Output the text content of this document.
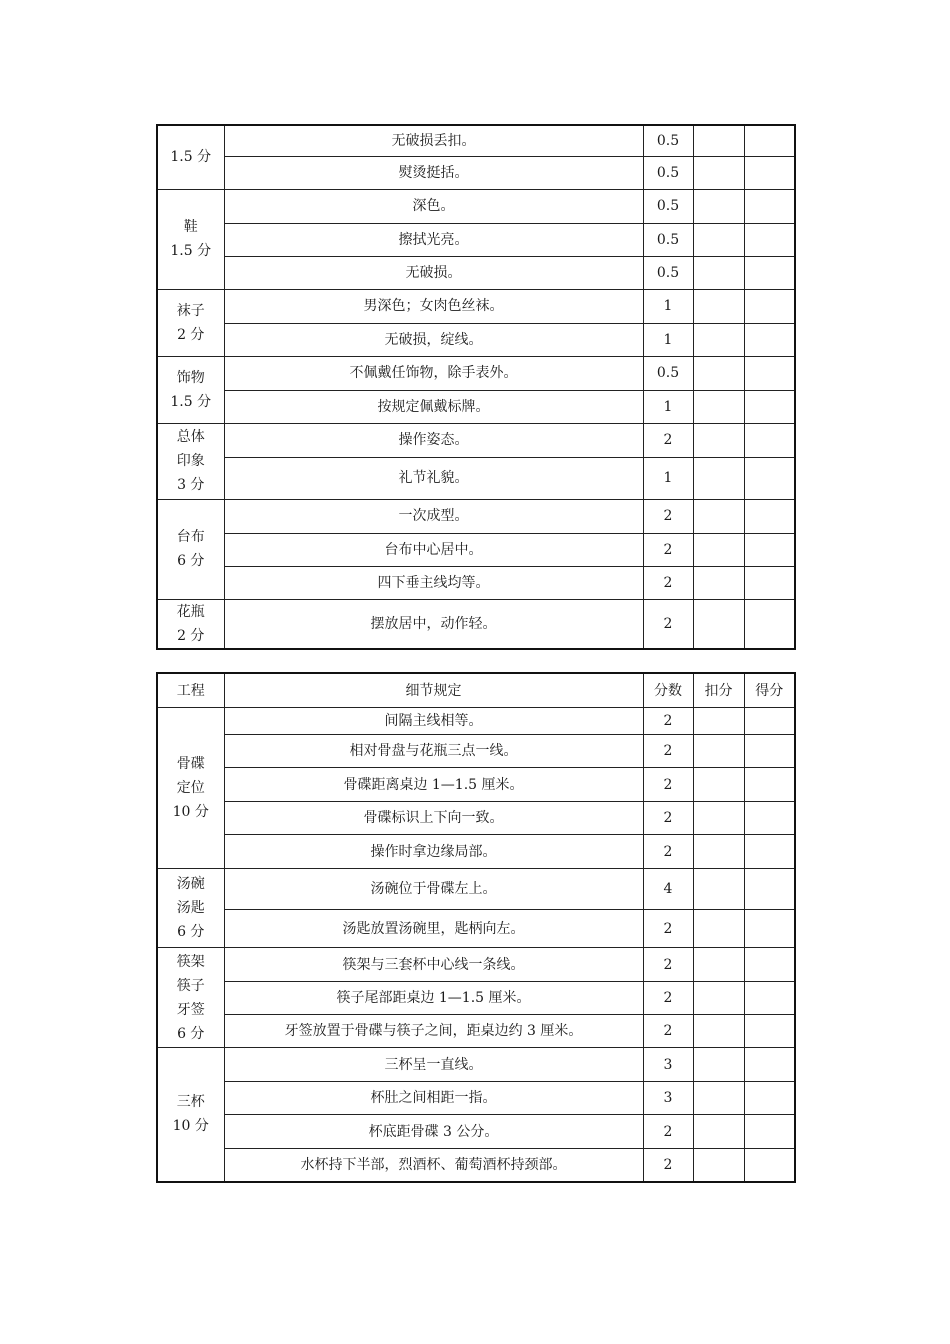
1.5 分	无破损丢扣。	0.5		
	熨烫挺括。	0.5		
鞋
1.5 分	深色。	0.5		
	擦拭光亮。	0.5		
	无破损。	0.5		
袜子
2 分	男深色；女肉色丝袜。	1		
	无破损，绽线。	1		
饰物
1.5 分	不佩戴任饰物，除手表外。	0.5		
	按规定佩戴标牌。	1		
总体
印象
3 分	操作姿态。	2		
	礼节礼貌。	1		
台布
6 分	一次成型。	2		
	台布中心居中。	2		
	四下垂主线均等。	2		
花瓶
2 分	摆放居中，动作轻。	2		
工程	细节规定	分数	扣分	得分
骨碟
定位
10 分	间隔主线相等。	2		
	相对骨盘与花瓶三点一线。	2		
	骨碟距离桌边 1—1.5 厘米。	2		
	骨碟标识上下向一致。	2		
	操作时拿边缘局部。	2		
汤碗
汤匙
6 分	汤碗位于骨碟左上。	4		
	汤匙放置汤碗里，匙柄向左。	2		
筷架
筷子
牙签
6 分	筷架与三套杯中心线一条线。	2		
	筷子尾部距桌边 1—1.5 厘米。	2		
	牙签放置于骨碟与筷子之间，距桌边约 3 厘米。	2		
三杯
10 分	三杯呈一直线。	3		
	杯肚之间相距一指。	3		
	杯底距骨碟 3 公分。	2		
	水杯持下半部，烈酒杯、葡萄酒杯持颈部。	2		
